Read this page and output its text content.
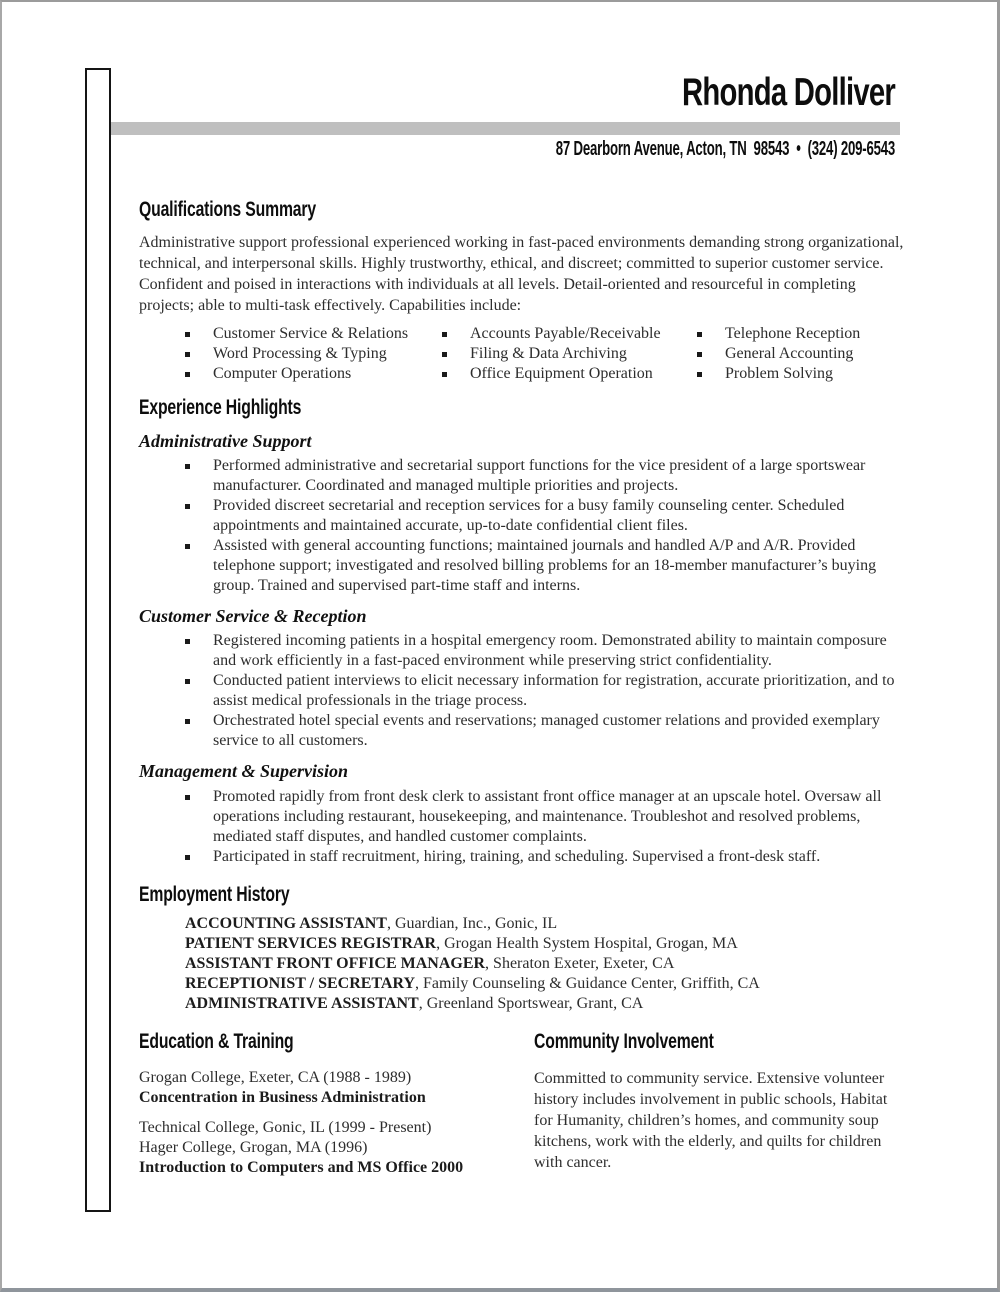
Rhonda Dolliver
87 Dearborn Avenue, Acton, TN  98543  •  (324) 209-6543
Qualifications Summary
Administrative support professional experienced working in fast-paced environments demanding strong organizational, technical, and interpersonal skills. Highly trustworthy, ethical, and discreet; committed to superior customer service. Confident and poised in interactions with individuals at all levels. Detail-oriented and resourceful in completing projects; able to multi-task effectively. Capabilities include:
Customer Service & Relations
Word Processing & Typing
Computer Operations
Accounts Payable/Receivable
Filing & Data Archiving
Office Equipment Operation
Telephone Reception
General Accounting
Problem Solving
Experience Highlights
Administrative Support
Performed administrative and secretarial support functions for the vice president of a large sportswear manufacturer. Coordinated and managed multiple priorities and projects.
Provided discreet secretarial and reception services for a busy family counseling center. Scheduled appointments and maintained accurate, up-to-date confidential client files.
Assisted with general accounting functions; maintained journals and handled A/P and A/R. Provided telephone support; investigated and resolved billing problems for an 18-member manufacturer’s buying group. Trained and supervised part-time staff and interns.
Customer Service & Reception
Registered incoming patients in a hospital emergency room. Demonstrated ability to maintain composure and work efficiently in a fast-paced environment while preserving strict confidentiality.
Conducted patient interviews to elicit necessary information for registration, accurate prioritization, and to assist medical professionals in the triage process.
Orchestrated hotel special events and reservations; managed customer relations and provided exemplary service to all customers.
Management & Supervision
Promoted rapidly from front desk clerk to assistant front office manager at an upscale hotel. Oversaw all operations including restaurant, housekeeping, and maintenance. Troubleshot and resolved problems, mediated staff disputes, and handled customer complaints.
Participated in staff recruitment, hiring, training, and scheduling. Supervised a front-desk staff.
Employment History
ACCOUNTING ASSISTANT, Guardian, Inc., Gonic, IL
PATIENT SERVICES REGISTRAR, Grogan Health System Hospital, Grogan, MA
ASSISTANT FRONT OFFICE MANAGER, Sheraton Exeter, Exeter, CA
RECEPTIONIST / SECRETARY, Family Counseling & Guidance Center, Griffith, CA
ADMINISTRATIVE ASSISTANT, Greenland Sportswear, Grant, CA
Education & Training
Grogan College, Exeter, CA (1988 - 1989)
Concentration in Business Administration
Technical College, Gonic, IL (1999 - Present)
Hager College, Grogan, MA (1996)
Introduction to Computers and MS Office 2000
Community Involvement
Committed to community service. Extensive volunteer history includes involvement in public schools, Habitat for Humanity, children’s homes, and community soup kitchens, work with the elderly, and quilts for children with cancer.
